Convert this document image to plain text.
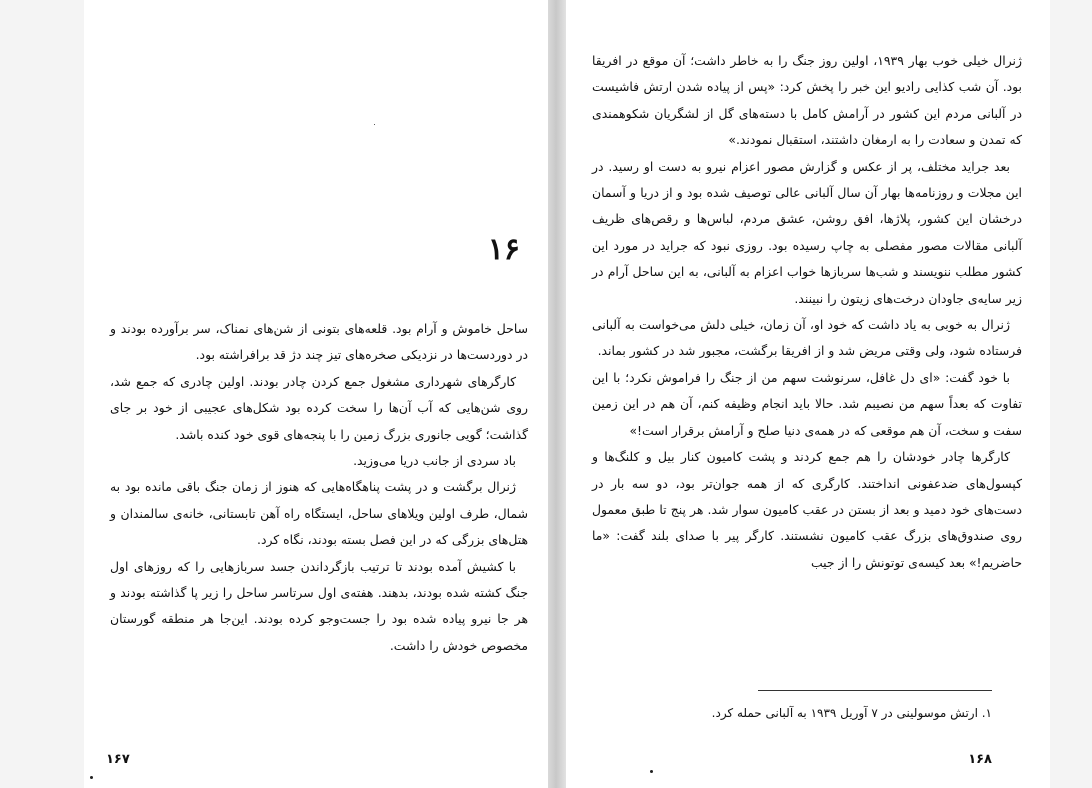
۱۶

ساحل خاموش و آرام بود. قلعه‌های بتونی از شن‌های نمناک، سر برآورده بودند و در دوردست‌ها در نزدیکی صخره‌های تیز چند دژ قد برافراشته بود.

کارگرهای شهرداری مشغول جمع کردن چادر بودند. اولین چادری که جمع شد، روی شن‌هایی که آب آن‌ها را سخت کرده بود شکل‌های عجیبی از خود بر جای گذاشت؛ گویی جانوری بزرگ زمین را با پنجه‌های قوی خود کنده باشد.

باد سردی از جانب دریا می‌وزید.

ژنرال برگشت و در پشت پناهگاه‌هایی که هنوز از زمان جنگ باقی مانده بود به شمال، طرف اولین ویلاهای ساحل، ایستگاه راه آهن تابستانی، خانه‌ی سالمندان و هتل‌های بزرگی که در این فصل بسته بودند، نگاه کرد.

با کشیش آمده بودند تا ترتیب بازگرداندن جسد سربازهایی را که روزهای اول جنگ کشته شده بودند، بدهند. هفته‌ی اول سرتاسر ساحل را زیر پا گذاشته بودند و هر جا نیرو پیاده شده بود را جست‌وجو کرده بودند. این‌جا هر منطقه گورستان مخصوص خودش را داشت.

۱۶۷

ژنرال خیلی خوب بهار ۱۹۳۹، اولین روز جنگ را به خاطر داشت؛ آن موقع در افریقا بود. آن شب کذایی رادیو این خبر را پخش کرد: «پس از پیاده شدن ارتش فاشیست در آلبانی مردم این کشور در آرامش کامل با دسته‌های گل از لشگریان شکوهمندی که تمدن و سعادت را به ارمغان داشتند، استقبال نمودند.»

بعد جراید مختلف، پر از عکس و گزارش مصور اعزام نیرو به دست او رسید. در این مجلات و روزنامه‌ها بهار آن سال آلبانی عالی توصیف شده بود و از دریا و آسمان درخشان این کشور، پلاژها، افق روشن، عشق مردم، لباس‌ها و رقص‌های ظریف آلبانی مقالات مصور مفصلی به چاپ رسیده بود. روزی نبود که جراید در مورد این کشور مطلب ننویسند و شب‌ها سربازها خواب اعزام به آلبانی، به این ساحل آرام در زیر سایه‌ی جاودان درخت‌های زیتون را نبینند.

ژنرال به خوبی به یاد داشت که خود او، آن زمان، خیلی دلش می‌خواست به آلبانی فرستاده شود، ولی وقتی مریض شد و از افریقا برگشت، مجبور شد در کشور بماند.

با خود گفت: «ای دل غافل، سرنوشت سهم من از جنگ را فراموش نکرد؛ با این تفاوت که بعداً سهم من نصیبم شد. حالا باید انجام وظیفه کنم، آن هم در این زمین سفت و سخت، آن هم موقعی که در همه‌ی دنیا صلح و آرامش برقرار است!»

کارگرها چادر خودشان را هم جمع کردند و پشت کامیون کنار بیل و کلنگ‌ها و کپسول‌های ضدعفونی انداختند. کارگری که از همه جوان‌تر بود، دو سه بار در دست‌های خود دمید و بعد از بستن در عقب کامیون سوار شد. هر پنج تا طبق معمول روی صندوق‌های بزرگ عقب کامیون نشستند. کارگر پیر با صدای بلند گفت: «ما حاضریم!» بعد کیسه‌ی توتونش را از جیب

۱. ارتش موسولینی در ۷ آوریل ۱۹۳۹ به آلبانی حمله کرد.
۱۶۸
